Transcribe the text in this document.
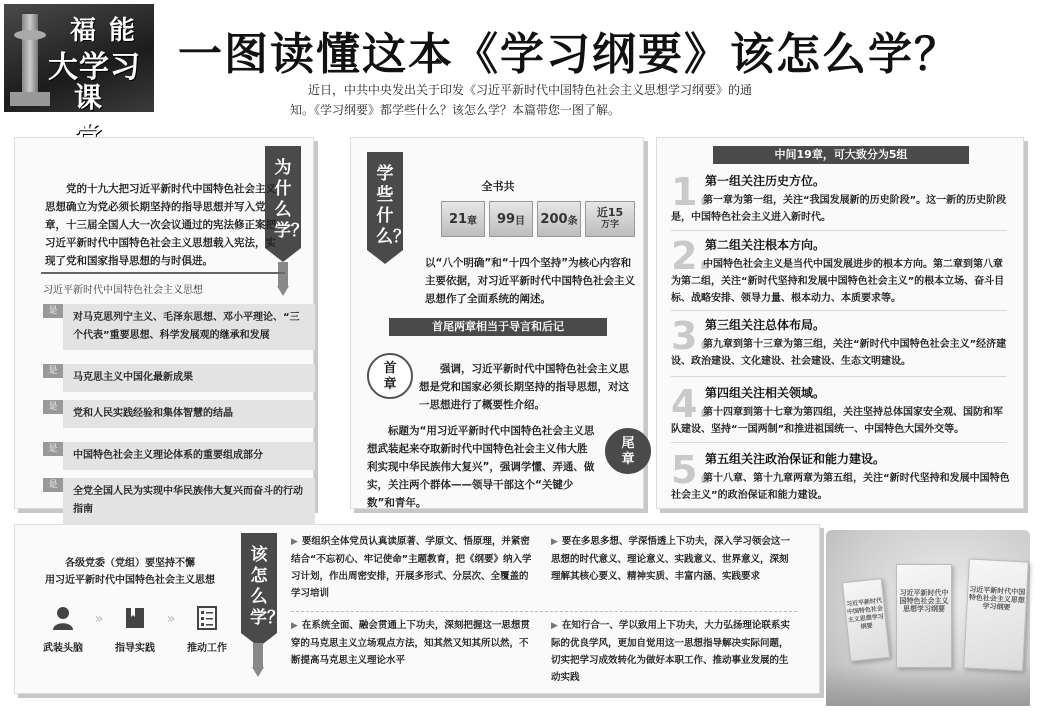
福 能
大学习
课
一图读懂这本《学习纲要》该怎么学？

近日，中共中央发出关于印发《习近平新时代中国特色社会主义思想学习纲要》的通

知。《学习纲要》都学些什么？该怎么学？本篇带您一图了解。

为什么学？
党的十九大把习近平新时代中国特色社会主义思想确立为党必须长期坚持的指导思想并写入党章，十三届全国人大一次会议通过的宪法修正案把习近平新时代中国特色社会主义思想载入宪法，实现了党和国家指导思想的与时俱进。
习近平新时代中国特色社会主义思想
是
对马克思列宁主义、毛泽东思想、邓小平理论、“三个代表”重要思想、科学发展观的继承和发展
是
马克思主义中国化最新成果
是
党和人民实践经验和集体智慧的结晶
是
中国特色社会主义理论体系的重要组成部分
是
全党全国人民为实现中华民族伟大复兴而奋斗的行动指南
学些什么？
全书共
21 章 99 目 200 条
近15
万字
以“八个明确”和“十四个坚持”为核心内容和主要依据，对习近平新时代中国特色社会主义思想作了全面系统的阐述。
首尾两章相当于导言和后记
首章
强调，习近平新时代中国特色社会主义思想是党和国家必须长期坚持的指导思想，对这一思想进行了概要性介绍。
尾章
标题为“用习近平新时代中国特色社会主义思想武装起来夺取新时代中国特色社会主义伟大胜利实现中华民族伟大复兴”，强调学懂、弄通、做实，关注两个群体——领导干部这个“关键少数”和青年。
中间19章，可大致分为5组
1.
第一组关注历史方位。
第一章为第一组，关注“我国发展新的历史阶段”。这一新的历史阶段是，中国特色社会主义进入新时代。
2.
第二组关注根本方向。
中国特色社会主义是当代中国发展进步的根本方向。第二章到第八章为第二组，关注“新时代坚持和发展中国特色社会主义”的根本立场、奋斗目标、战略安排、领导力量、根本动力、本质要求等。
3.
第三组关注总体布局。
第九章到第十三章为第三组，关注“新时代中国特色社会主义”经济建设、政治建设、文化建设、社会建设、生态文明建设。
4.
第四组关注相关领域。
第十四章到第十七章为第四组，关注坚持总体国家安全观、国防和军队建设、坚持“一国两制”和推进祖国统一、中国特色大国外交等。
5.
第五组关注政治保证和能力建设。
第十八章、第十九章两章为第五组，关注“新时代坚持和发展中国特色社会主义”的政治保证和能力建设。
各级党委（党组）要坚持不懈
用习近平新时代中国特色社会主义思想
武装头脑
»
指导实践
»
推动工作
该怎么学？
▶ 要组织全体党员认真读原著、学原文、悟原理，并紧密结合“不忘初心、牢记使命”主题教育，把《纲要》纳入学习计划，作出周密安排，开展多形式、分层次、全覆盖的学习培训
▶ 要在多思多想、学深悟透上下功夫，深入学习领会这一思想的时代意义、理论意义、实践意义、世界意义，深刻理解其核心要义、精神实质、丰富内涵、实践要求
▶ 在系统全面、融会贯通上下功夫，深刻把握这一思想贯穿的马克思主义立场观点方法，知其然又知其所以然，不断提高马克思主义理论水平
▶ 在知行合一、学以致用上下功夫，大力弘扬理论联系实际的优良学风，更加自觉用这一思想指导解决实际问题，切实把学习成效转化为做好本职工作、推动事业发展的生动实践
习近平新时代中国特色社会主义思想学习纲要
习近平新时代中国特色社会主义思想学习纲要
习近平新时代中国特色社会主义思想学习纲要
